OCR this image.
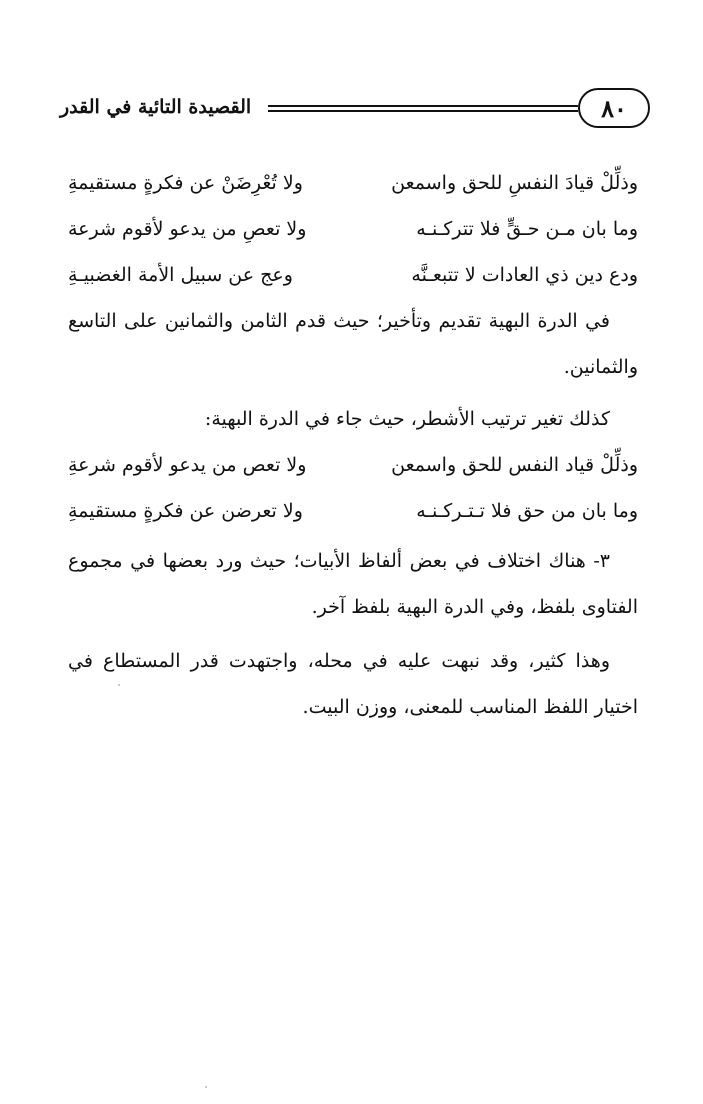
٨٠
القصيدة التائية في القدر
وذلِّلْ قيادَ النفسِ للحق واسمعن
ولا تُعْرِضَنْ عن فكرةٍ مستقيمةِ
وما بان مـن حـقٍّ فلا تتركـنـه
ولا تعصِ من يدعو لأقوم شرعة
ودع دين ذي العادات لا تتبعـنَّه
وعج عن سبيل الأمة الغضبيـةِ

في الدرة البهية تقديم وتأخير؛ حيث قدم الثامن والثمانين على التاسع والثمانين.

كذلك تغير ترتيب الأشطر، حيث جاء في الدرة البهية:

وذلِّلْ قياد النفس للحق واسمعن
ولا تعص من يدعو لأقوم شرعةِ
وما بان من حق فلا تـتـركـنـه
ولا تعرضن عن فكرةٍ مستقيمةِ

٣- هناك اختلاف في بعض ألفاظ الأبيات؛ حيث ورد بعضها في مجموع الفتاوى بلفظ، وفي الدرة البهية بلفظ آخر.

وهذا كثير، وقد نبهت عليه في محله، واجتهدت قدر المستطاع في اختيار اللفظ المناسب للمعنى، ووزن البيت.
